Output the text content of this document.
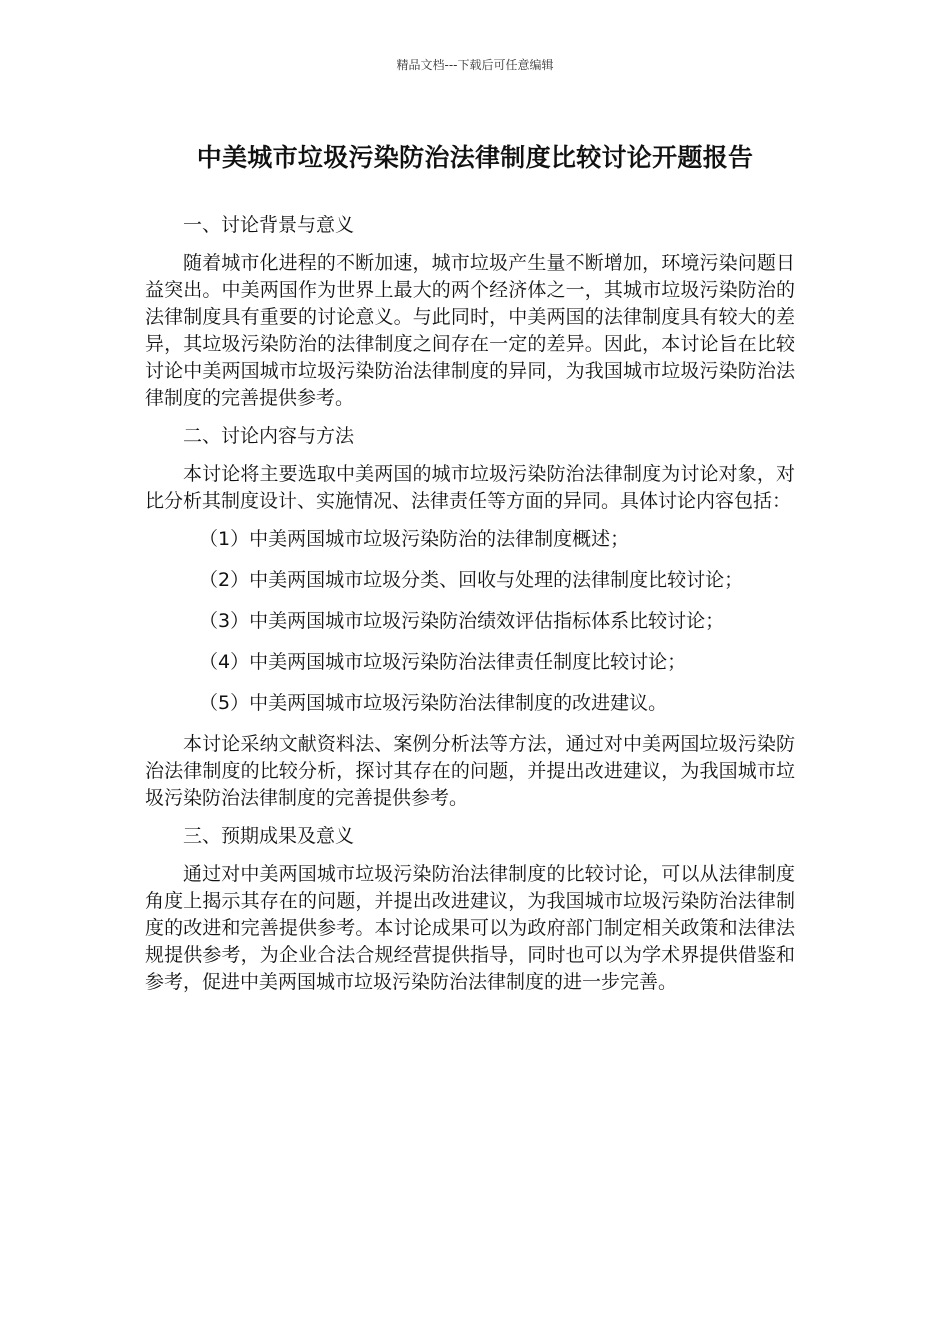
精品文档---下载后可任意编辑
中美城市垃圾污染防治法律制度比较讨论开题报告

一、讨论背景与意义

随着城市化进程的不断加速，城市垃圾产生量不断增加，环境污染问题日益突出。中美两国作为世界上最大的两个经济体之一，其城市垃圾污染防治的法律制度具有重要的讨论意义。与此同时，中美两国的法律制度具有较大的差异，其垃圾污染防治的法律制度之间存在一定的差异。因此，本讨论旨在比较讨论中美两国城市垃圾污染防治法律制度的异同，为我国城市垃圾污染防治法律制度的完善提供参考。

二、讨论内容与方法

本讨论将主要选取中美两国的城市垃圾污染防治法律制度为讨论对象，对比分析其制度设计、实施情况、法律责任等方面的异同。具体讨论内容包括：

（1）中美两国城市垃圾污染防治的法律制度概述；
（2）中美两国城市垃圾分类、回收与处理的法律制度比较讨论；
（3）中美两国城市垃圾污染防治绩效评估指标体系比较讨论；
（4）中美两国城市垃圾污染防治法律责任制度比较讨论；
（5）中美两国城市垃圾污染防治法律制度的改进建议。

本讨论采纳文献资料法、案例分析法等方法，通过对中美两国垃圾污染防治法律制度的比较分析，探讨其存在的问题，并提出改进建议，为我国城市垃圾污染防治法律制度的完善提供参考。

三、预期成果及意义

通过对中美两国城市垃圾污染防治法律制度的比较讨论，可以从法律制度角度上揭示其存在的问题，并提出改进建议，为我国城市垃圾污染防治法律制度的改进和完善提供参考。本讨论成果可以为政府部门制定相关政策和法律法规提供参考，为企业合法合规经营提供指导，同时也可以为学术界提供借鉴和参考，促进中美两国城市垃圾污染防治法律制度的进一步完善。
